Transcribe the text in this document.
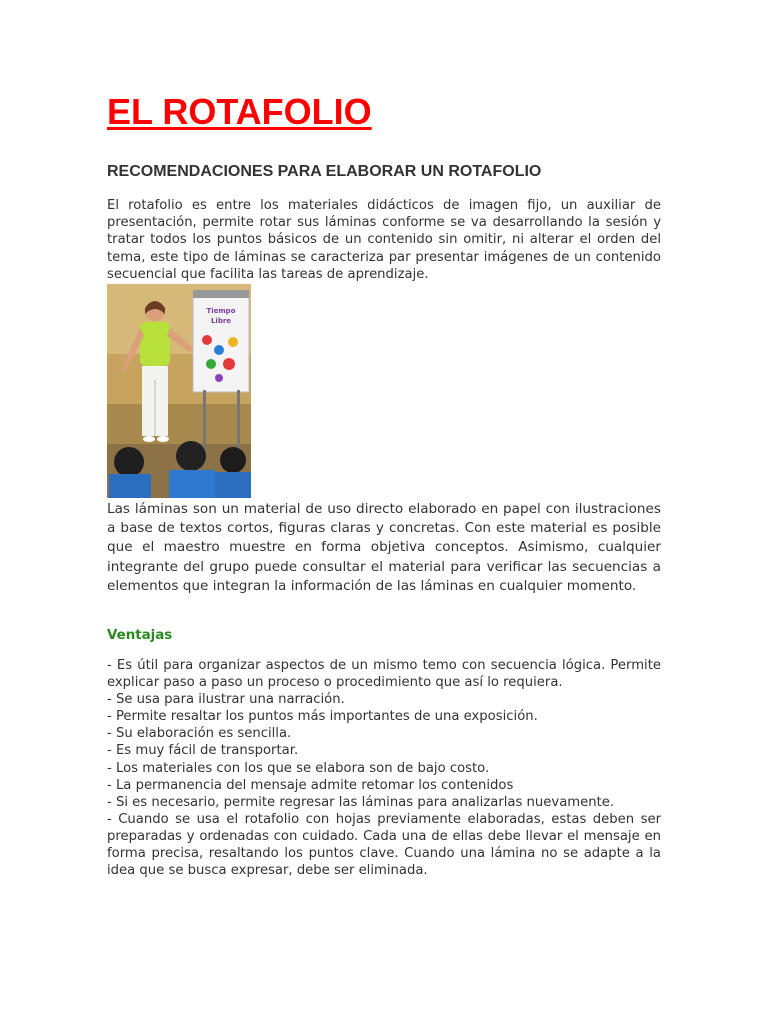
EL ROTAFOLIO
RECOMENDACIONES PARA ELABORAR UN ROTAFOLIO

El rotafolio es entre los materiales didácticos de imagen fijo, un auxiliar de presentación, permite rotar sus láminas conforme se va desarrollando la sesión y tratar todos los puntos básicos de un contenido sin omitir, ni alterar el orden del tema, este tipo de láminas se caracteriza par presentar imágenes de un contenido secuencial que facilita las tareas de aprendizaje.

Tiempo
Libre

Las láminas son un material de uso directo elaborado en papel con ilustraciones a base de textos cortos, figuras claras y concretas. Con este material es posible que el maestro muestre en forma objetiva conceptos. Asimismo, cualquier integrante del grupo puede consultar el material para verificar las secuencias a elementos que integran la información de las láminas en cualquier momento.

Ventajas
- Es útil para organizar aspectos de un mismo temo con secuencia lógica. Permite explicar paso a paso un proceso o procedimiento que así lo requiera.
- Se usa para ilustrar una narración.
- Permite resaltar los puntos más importantes de una exposición.
- Su elaboración es sencilla.
- Es muy fácil de transportar.
- Los materiales con los que se elabora son de bajo costo.
- La permanencia del mensaje admite retomar los contenidos
- Si es necesario, permite regresar las láminas para analizarlas nuevamente.
- Cuando se usa el rotafolio con hojas previamente elaboradas, estas deben ser preparadas y ordenadas con cuidado. Cada una de ellas debe llevar el mensaje en forma precisa, resaltando los puntos clave. Cuando una lámina no se adapte a la idea que se busca expresar, debe ser eliminada.
